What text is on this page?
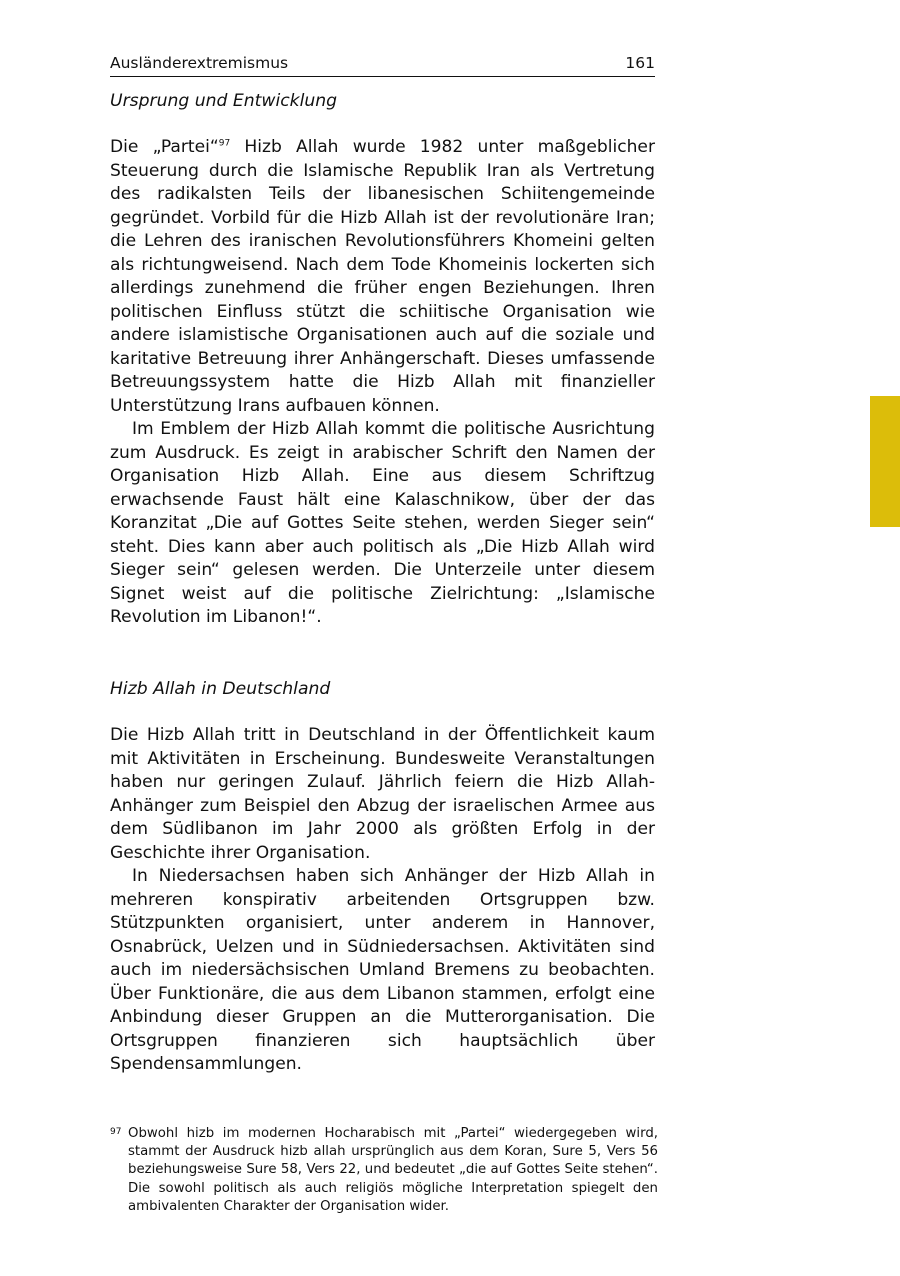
Ausländerextremismus	161
Ursprung und Entwicklung

Die „Partei“$^{97}$ Hizb Allah wurde 1982 unter maßgeblicher Steuerung durch die Islamische Republik Iran als Vertretung des radikalsten Teils der libanesischen Schiitengemeinde gegründet. Vorbild für die Hizb Allah ist der revolutionäre Iran; die Lehren des iranischen Revolutionsführers Khomeini gelten als richtungweisend. Nach dem Tode Khomeinis lockerten sich allerdings zunehmend die früher engen Beziehungen. Ihren politischen Einfluss stützt die schiitische Organisation wie andere islamistische Organisationen auch auf die soziale und karitative Betreuung ihrer Anhängerschaft. Dieses umfassende Betreuungssystem hatte die Hizb Allah mit finanzieller Unterstützung Irans aufbauen können.

Im Emblem der Hizb Allah kommt die politische Ausrichtung zum Ausdruck. Es zeigt in arabischer Schrift den Namen der Organisation Hizb Allah. Eine aus diesem Schriftzug erwachsende Faust hält eine Kalaschnikow, über der das Koranzitat „Die auf Gottes Seite stehen, werden Sieger sein“ steht. Dies kann aber auch politisch als „Die Hizb Allah wird Sieger sein“ gelesen werden. Die Unterzeile unter diesem Signet weist auf die politische Zielrichtung: „Islamische Revolution im Libanon!“.

Hizb Allah in Deutschland

Die Hizb Allah tritt in Deutschland in der Öffentlichkeit kaum mit Aktivitäten in Erscheinung. Bundesweite Veranstaltungen haben nur geringen Zulauf. Jährlich feiern die Hizb Allah-Anhänger zum Beispiel den Abzug der israelischen Armee aus dem Südlibanon im Jahr 2000 als größten Erfolg in der Geschichte ihrer Organisation.

In Niedersachsen haben sich Anhänger der Hizb Allah in mehreren konspirativ arbeitenden Ortsgruppen bzw. Stützpunkten organisiert, unter anderem in Hannover, Osnabrück, Uelzen und in Südniedersachsen. Aktivitäten sind auch im niedersächsischen Umland Bremens zu beobachten. Über Funktionäre, die aus dem Libanon stammen, erfolgt eine Anbindung dieser Gruppen an die Mutterorganisation. Die Ortsgruppen finanzieren sich hauptsächlich über Spendensammlungen.

97 Obwohl hizb im modernen Hocharabisch mit „Partei“ wiedergegeben wird, stammt der Ausdruck hizb allah ursprünglich aus dem Koran, Sure 5, Vers 56 beziehungsweise Sure 58, Vers 22, und bedeutet „die auf Gottes Seite stehen“. Die sowohl politisch als auch religiös mögliche Interpretation spiegelt den ambivalenten Charakter der Organisation wider.
